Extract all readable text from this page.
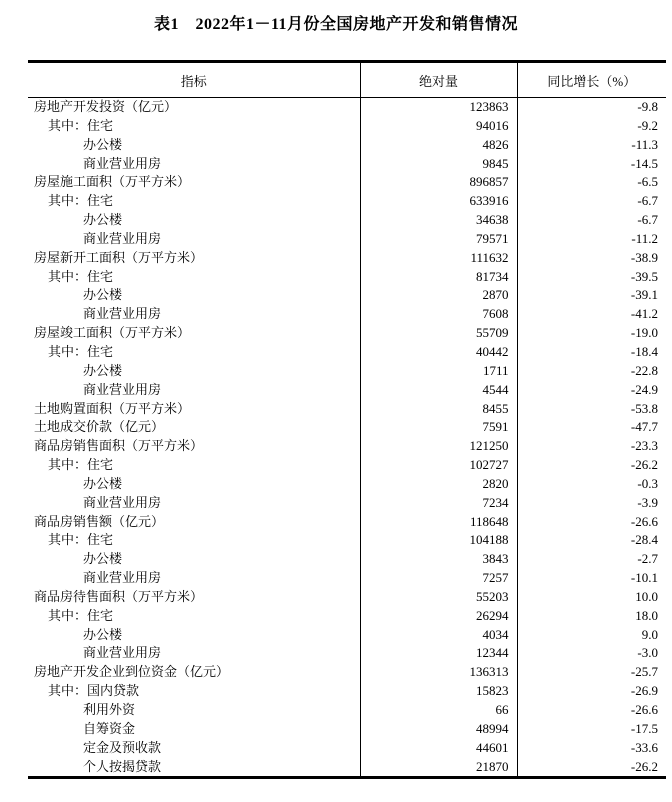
表1　2022年1－11月份全国房地产开发和销售情况
指标	绝对量	同比增长（%）
房地产开发投资（亿元）	123863	-9.8
其中：住宅	94016	-9.2
办公楼	4826	-11.3
商业营业用房	9845	-14.5
房屋施工面积（万平方米）	896857	-6.5
其中：住宅	633916	-6.7
办公楼	34638	-6.7
商业营业用房	79571	-11.2
房屋新开工面积（万平方米）	111632	-38.9
其中：住宅	81734	-39.5
办公楼	2870	-39.1
商业营业用房	7608	-41.2
房屋竣工面积（万平方米）	55709	-19.0
其中：住宅	40442	-18.4
办公楼	1711	-22.8
商业营业用房	4544	-24.9
土地购置面积（万平方米）	8455	-53.8
土地成交价款（亿元）	7591	-47.7
商品房销售面积（万平方米）	121250	-23.3
其中：住宅	102727	-26.2
办公楼	2820	-0.3
商业营业用房	7234	-3.9
商品房销售额（亿元）	118648	-26.6
其中：住宅	104188	-28.4
办公楼	3843	-2.7
商业营业用房	7257	-10.1
商品房待售面积（万平方米）	55203	10.0
其中：住宅	26294	18.0
办公楼	4034	9.0
商业营业用房	12344	-3.0
房地产开发企业到位资金（亿元）	136313	-25.7
其中：国内贷款	15823	-26.9
利用外资	66	-26.6
自筹资金	48994	-17.5
定金及预收款	44601	-33.6
个人按揭贷款	21870	-26.2
